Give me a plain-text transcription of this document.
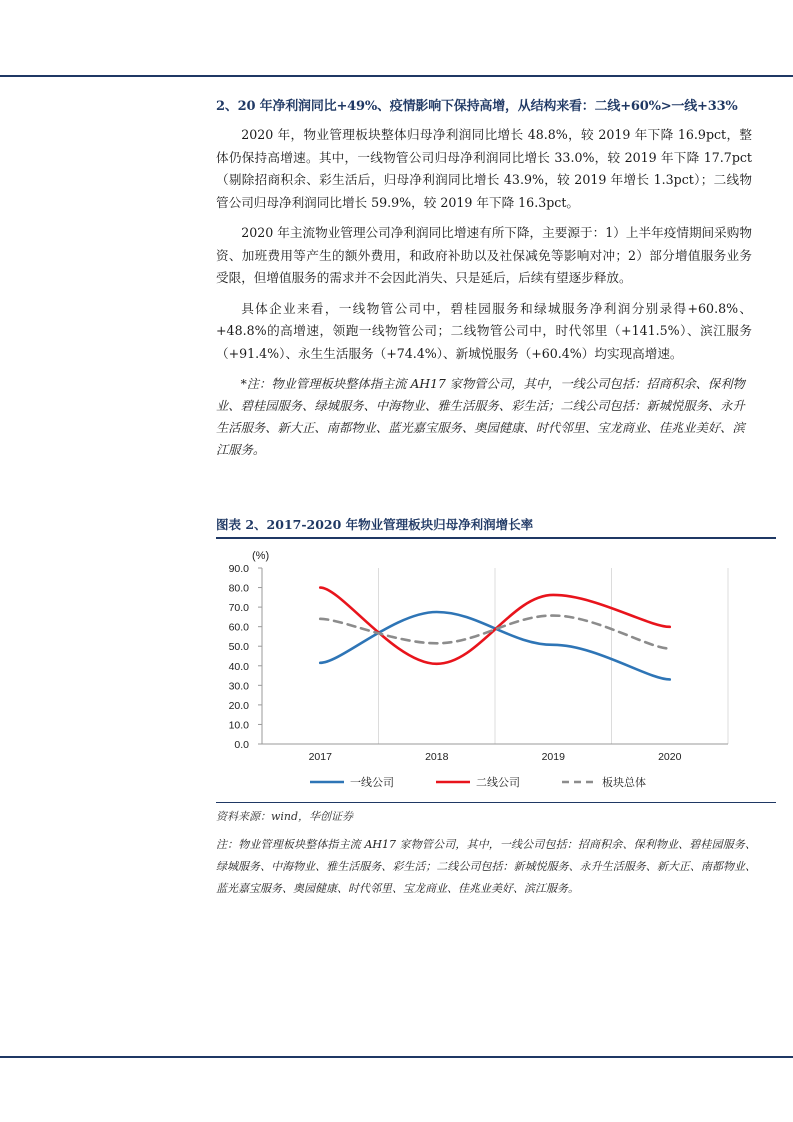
2、20 年净利润同比+49%、疫情影响下保持高增，从结构来看：二线+60%>一线+33%

2020 年，物业管理板块整体归母净利润同比增长 48.8%，较 2019 年下降 16.9pct，整体仍保持高增速。其中，一线物管公司归母净利润同比增长 33.0%，较 2019 年下降 17.7pct（剔除招商积余、彩生活后，归母净利润同比增长 43.9%，较 2019 年增长 1.3pct）；二线物管公司归母净利润同比增长 59.9%，较 2019 年下降 16.3pct。

2020 年主流物业管理公司净利润同比增速有所下降，主要源于：1）上半年疫情期间采购物资、加班费用等产生的额外费用，和政府补助以及社保减免等影响对冲；2）部分增值服务业务受限，但增值服务的需求并不会因此消失、只是延后，后续有望逐步释放。

具体企业来看，一线物管公司中，碧桂园服务和绿城服务净利润分别录得+60.8%、+48.8%的高增速，领跑一线物管公司；二线物管公司中，时代邻里（+141.5%）、滨江服务（+91.4%）、永生生活服务（+74.4%）、新城悦服务（+60.4%）均实现高增速。

*注：物业管理板块整体指主流 AH17 家物管公司，其中，一线公司包括：招商积余、保利物业、碧桂园服务、绿城服务、中海物业、雅生活服务、彩生活；二线公司包括：新城悦服务、永升生活服务、新大正、南都物业、蓝光嘉宝服务、奥园健康、时代邻里、宝龙商业、佳兆业美好、滨江服务。

图表 2、2017-2020 年物业管理板块归母净利润增长率
(%)
0.0
10.0
20.0
30.0
40.0
50.0
60.0
70.0
80.0
90.0
2017	2018	2019	2020
一线公司	二线公司	板块总体
资料来源：wind，华创证券
注：物业管理板块整体指主流 AH17 家物管公司，其中，一线公司包括：招商积余、保利物业、碧桂园服务、绿城服务、中海物业、雅生活服务、彩生活；二线公司包括：新城悦服务、永升生活服务、新大正、南都物业、蓝光嘉宝服务、奥园健康、时代邻里、宝龙商业、佳兆业美好、滨江服务。
